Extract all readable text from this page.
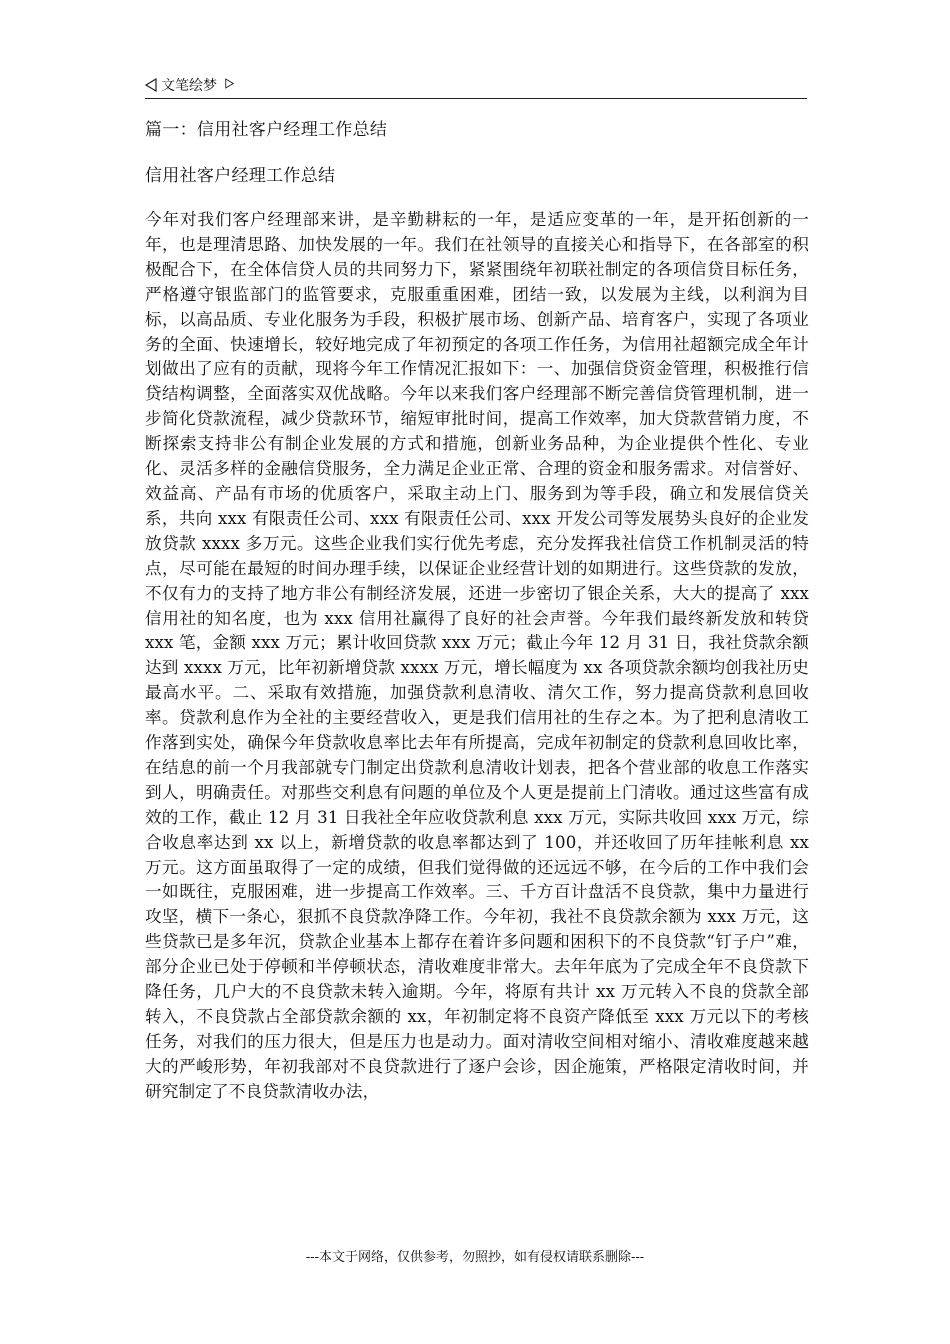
文笔绘梦
篇一：信用社客户经理工作总结
信用社客户经理工作总结

今年对我们客户经理部来讲，是辛勤耕耘的一年，是适应变革的一年，是开拓创新的一年，也是理清思路、加快发展的一年。我们在社领导的直接关心和指导下，在各部室的积极配合下，在全体信贷人员的共同努力下，紧紧围绕年初联社制定的各项信贷目标任务，严格遵守银监部门的监管要求，克服重重困难，团结一致，以发展为主线，以利润为目标，以高品质、专业化服务为手段，积极扩展市场、创新产品、培育客户，实现了各项业务的全面、快速增长，较好地完成了年初预定的各项工作任务，为信用社超额完成全年计划做出了应有的贡献，现将今年工作情况汇报如下：一、加强信贷资金管理，积极推行信贷结构调整，全面落实双优战略。今年以来我们客户经理部不断完善信贷管理机制，进一步简化贷款流程，减少贷款环节，缩短审批时间，提高工作效率，加大贷款营销力度，不断探索支持非公有制企业发展的方式和措施，创新业务品种，为企业提供个性化、专业化、灵活多样的金融信贷服务，全力满足企业正常、合理的资金和服务需求。对信誉好、效益高、产品有市场的优质客户，采取主动上门、服务到为等手段，确立和发展信贷关系，共向 xxx 有限责任公司、xxx 有限责任公司、xxx 开发公司等发展势头良好的企业发放贷款 xxxx 多万元。这些企业我们实行优先考虑，充分发挥我社信贷工作机制灵活的特点，尽可能在最短的时间办理手续，以保证企业经营计划的如期进行。这些贷款的发放，不仅有力的支持了地方非公有制经济发展，还进一步密切了银企关系，大大的提高了 xxx 信用社的知名度，也为 xxx 信用社赢得了良好的社会声誉。今年我们最终新发放和转贷 xxx 笔，金额 xxx 万元；累计收回贷款 xxx 万元；截止今年 12 月 31 日，我社贷款余额达到 xxxx 万元，比年初新增贷款 xxxx 万元，增长幅度为 xx 各项贷款余额均创我社历史最高水平。二、采取有效措施，加强贷款利息清收、清欠工作，努力提高贷款利息回收率。贷款利息作为全社的主要经营收入，更是我们信用社的生存之本。为了把利息清收工作落到实处，确保今年贷款收息率比去年有所提高，完成年初制定的贷款利息回收比率，在结息的前一个月我部就专门制定出贷款利息清收计划表，把各个营业部的收息工作落实到人，明确责任。对那些交利息有问题的单位及个人更是提前上门清收。通过这些富有成效的工作，截止 12 月 31 日我社全年应收贷款利息 xxx 万元，实际共收回 xxx 万元，综合收息率达到 xx 以上，新增贷款的收息率都达到了 100，并还收回了历年挂帐利息 xx 万元。这方面虽取得了一定的成绩，但我们觉得做的还远远不够，在今后的工作中我们会一如既往，克服困难，进一步提高工作效率。三、千方百计盘活不良贷款，集中力量进行攻坚，横下一条心，狠抓不良贷款净降工作。今年初，我社不良贷款余额为 xxx 万元，这些贷款已是多年沉，贷款企业基本上都存在着许多问题和困积下的不良贷款“钉子户”难，部分企业已处于停顿和半停顿状态，清收难度非常大。去年年底为了完成全年不良贷款下降任务，几户大的不良贷款未转入逾期。今年，将原有共计 xx 万元转入不良的贷款全部转入，不良贷款占全部贷款余额的 xx，年初制定将不良资产降低至 xxx 万元以下的考核任务，对我们的压力很大，但是压力也是动力。面对清收空间相对缩小、清收难度越来越大的严峻形势，年初我部对不良贷款进行了逐户会诊，因企施策，严格限定清收时间，并研究制定了不良贷款清收办法，

---本文于网络，仅供参考，勿照抄，如有侵权请联系删除---
